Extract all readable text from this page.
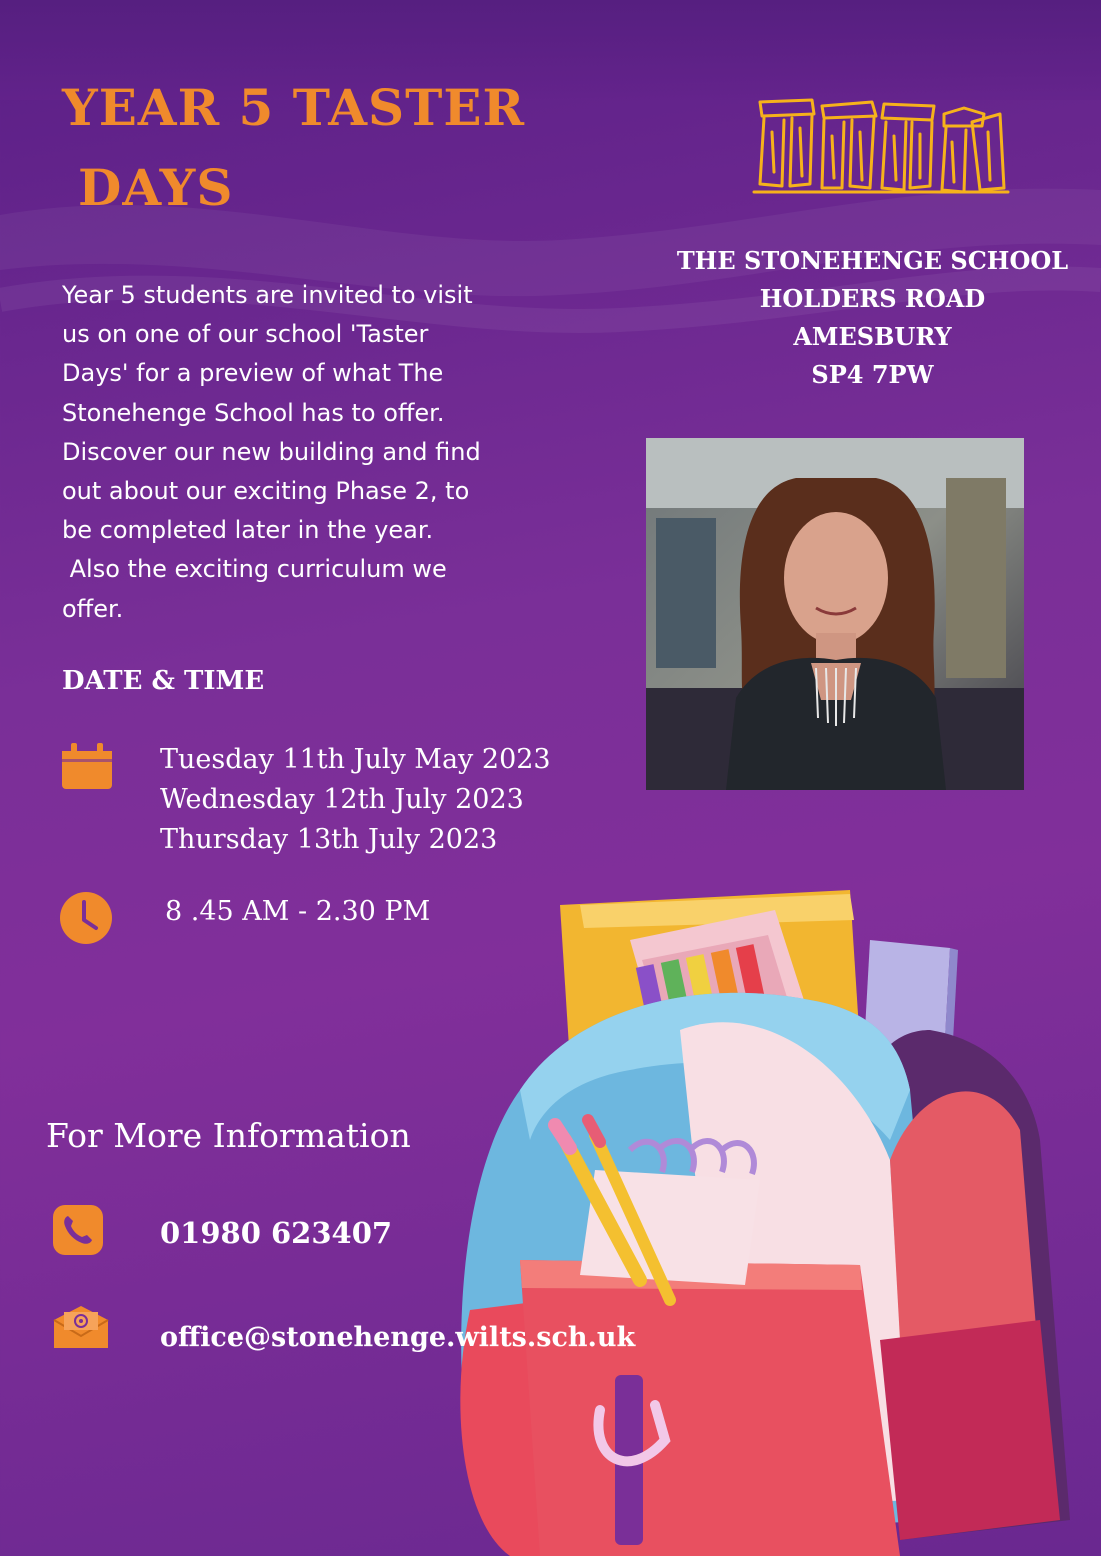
YEAR 5 TASTER
DAYS
THE STONEHENGE SCHOOL
HOLDERS ROAD
AMESBURY
SP4 7PW
Year 5 students are invited to visit
us on one of our school 'Taster
Days' for a preview of what The
Stonehenge School has to offer.
Discover our new building and find
out about our exciting Phase 2, to
be completed later in the year.
Also the exciting curriculum we
offer.
DATE & TIME
Tuesday 11th July May 2023
Wednesday 12th July 2023
Thursday 13th July 2023
8 .45 AM - 2.30 PM
For More Information
01980 623407
office@stonehenge.wilts.sch.uk
